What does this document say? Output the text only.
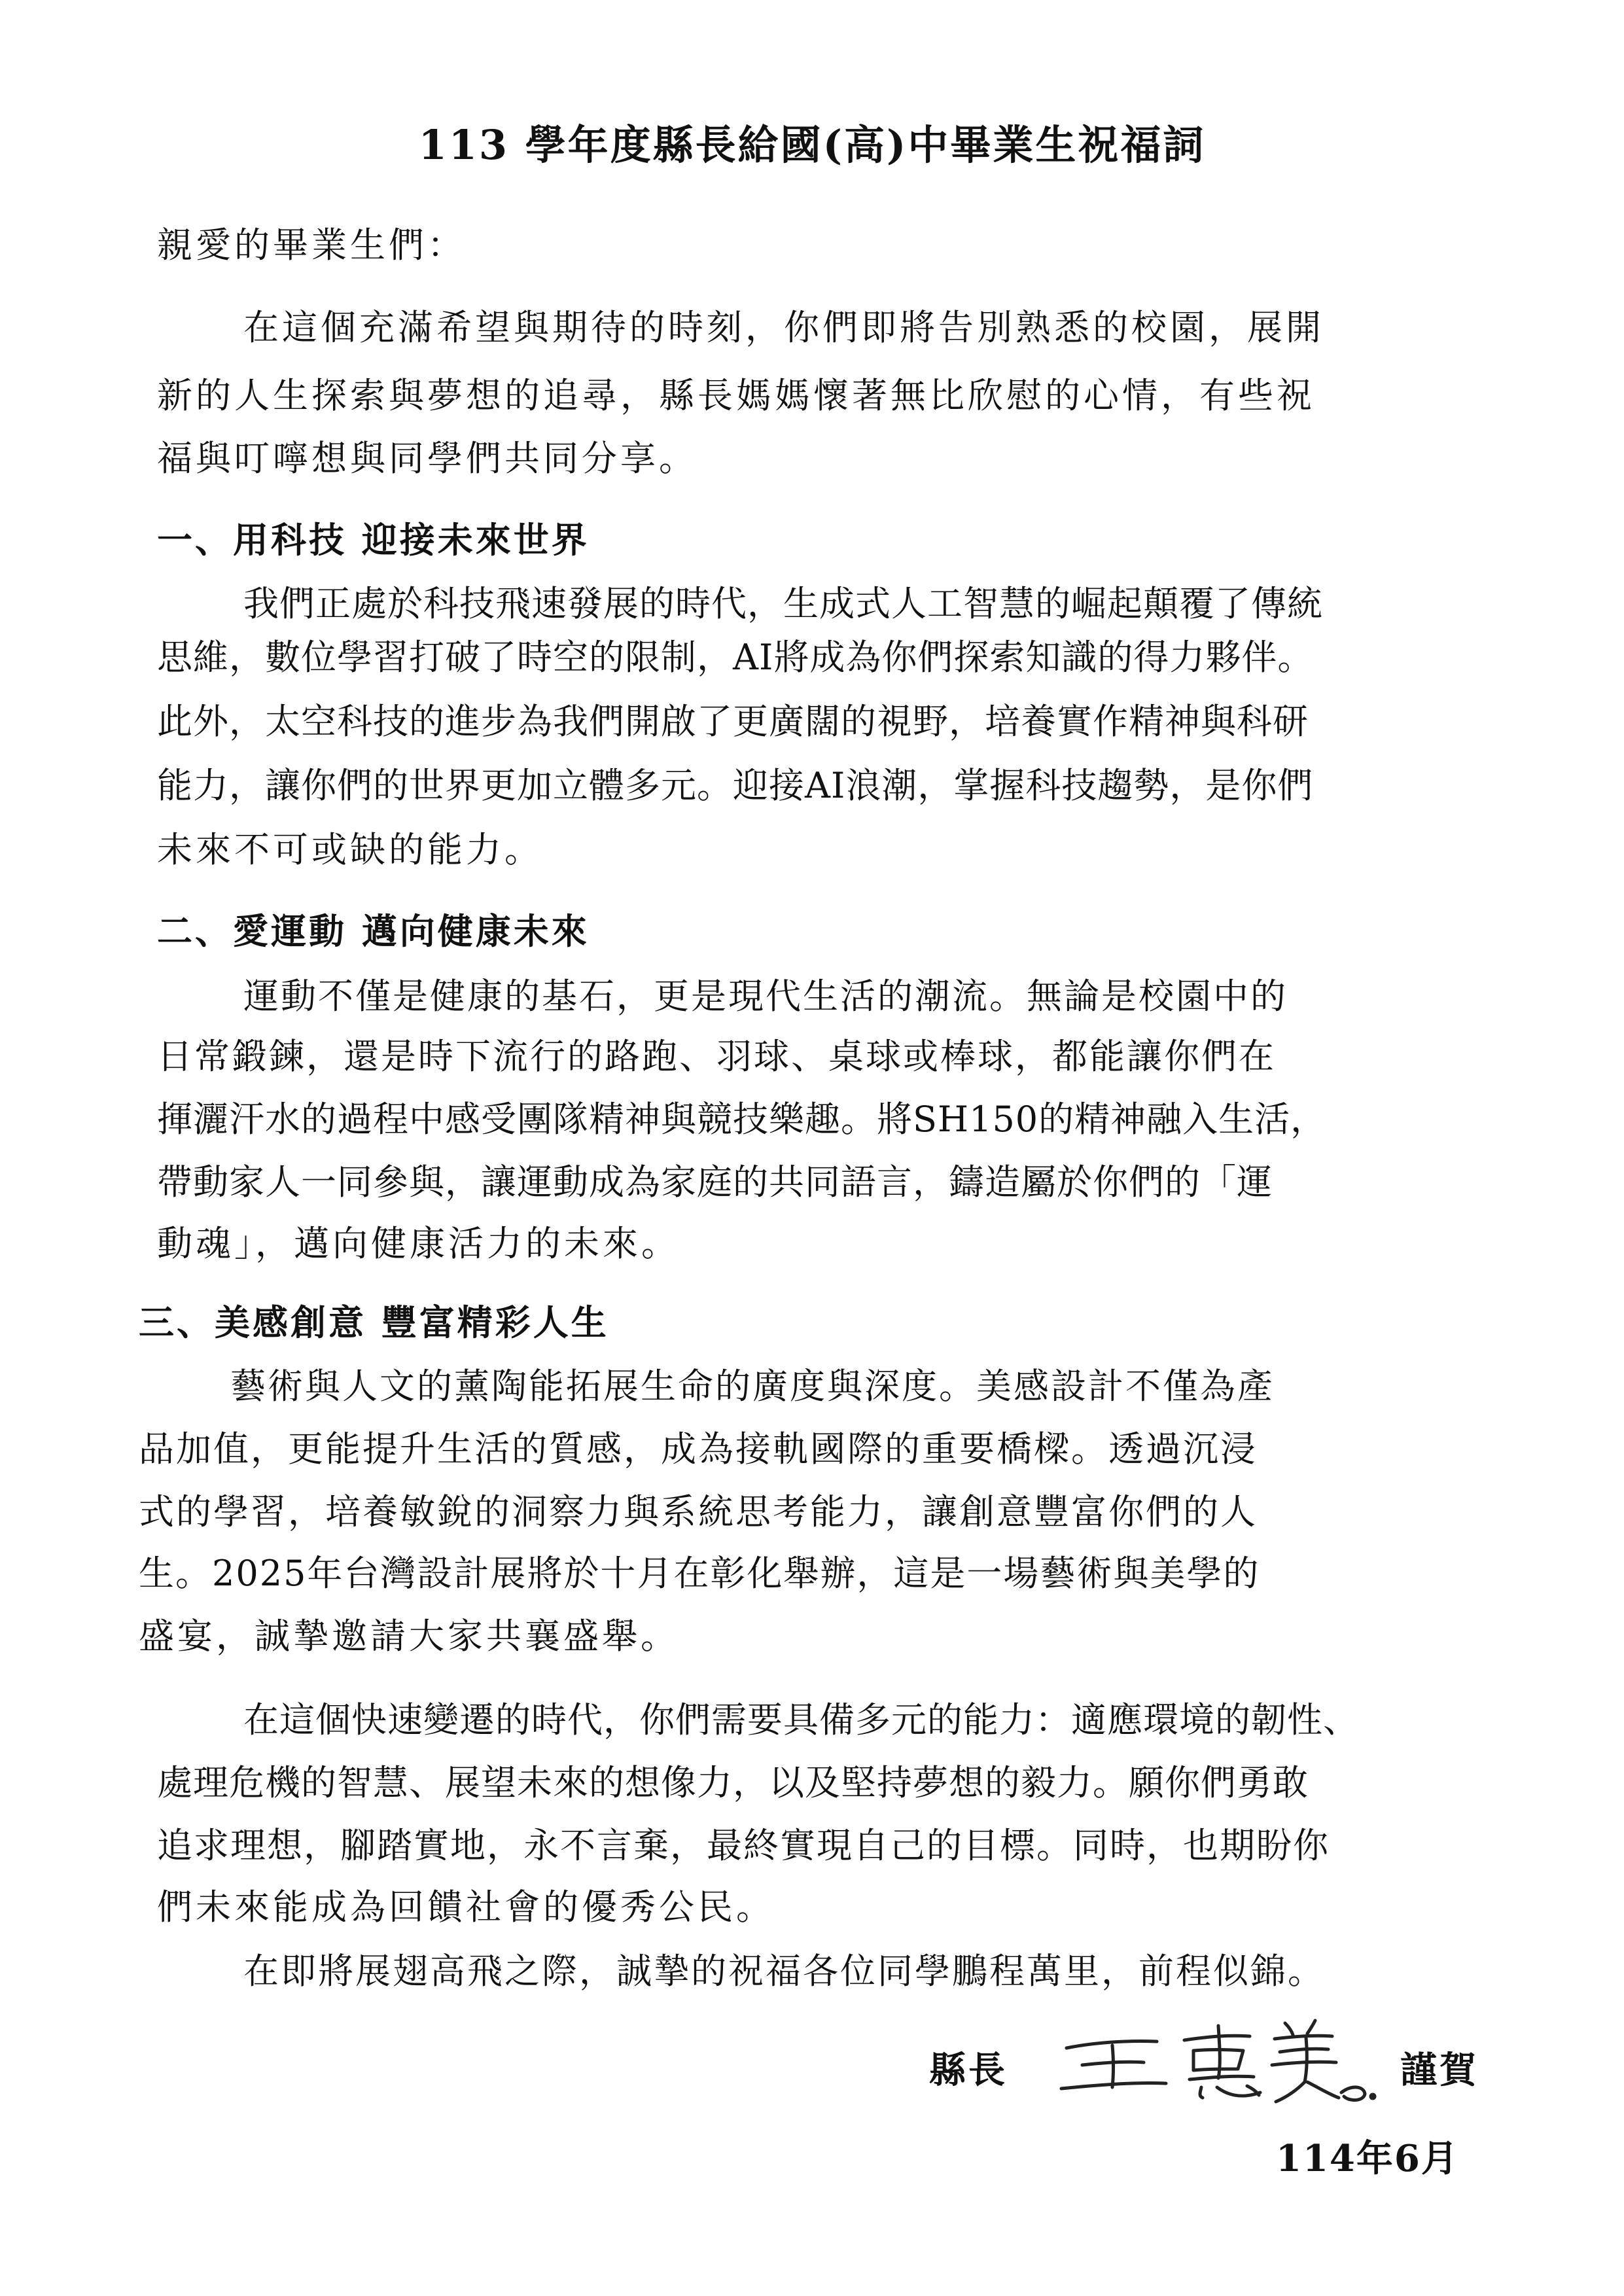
113 學年度縣長給國(高)中畢業生祝福詞
親愛的畢業生們：
在這個充滿希望與期待的時刻，你們即將告別熟悉的校園，展開
新的人生探索與夢想的追尋，縣長媽媽懷著無比欣慰的心情，有些祝
福與叮嚀想與同學們共同分享。
一、用科技 迎接未來世界
我們正處於科技飛速發展的時代，生成式人工智慧的崛起顛覆了傳統
思維，數位學習打破了時空的限制，AI將成為你們探索知識的得力夥伴。
此外，太空科技的進步為我們開啟了更廣闊的視野，培養實作精神與科研
能力，讓你們的世界更加立體多元。迎接AI浪潮，掌握科技趨勢，是你們
未來不可或缺的能力。
二、愛運動 邁向健康未來
運動不僅是健康的基石，更是現代生活的潮流。無論是校園中的
日常鍛鍊，還是時下流行的路跑、羽球、桌球或棒球，都能讓你們在
揮灑汗水的過程中感受團隊精神與競技樂趣。將SH150的精神融入生活，
帶動家人一同參與，讓運動成為家庭的共同語言，鑄造屬於你們的「運
動魂」，邁向健康活力的未來。
三、美感創意 豐富精彩人生
藝術與人文的薰陶能拓展生命的廣度與深度。美感設計不僅為產
品加值，更能提升生活的質感，成為接軌國際的重要橋樑。透過沉浸
式的學習，培養敏銳的洞察力與系統思考能力，讓創意豐富你們的人
生。2025年台灣設計展將於十月在彰化舉辦，這是一場藝術與美學的
盛宴，誠摯邀請大家共襄盛舉。
在這個快速變遷的時代，你們需要具備多元的能力：適應環境的韌性、
處理危機的智慧、展望未來的想像力，以及堅持夢想的毅力。願你們勇敢
追求理想，腳踏實地，永不言棄，最終實現自己的目標。同時，也期盼你
們未來能成為回饋社會的優秀公民。
在即將展翅高飛之際，誠摯的祝福各位同學鵬程萬里，前程似錦。
縣長	謹賀
114年6月
